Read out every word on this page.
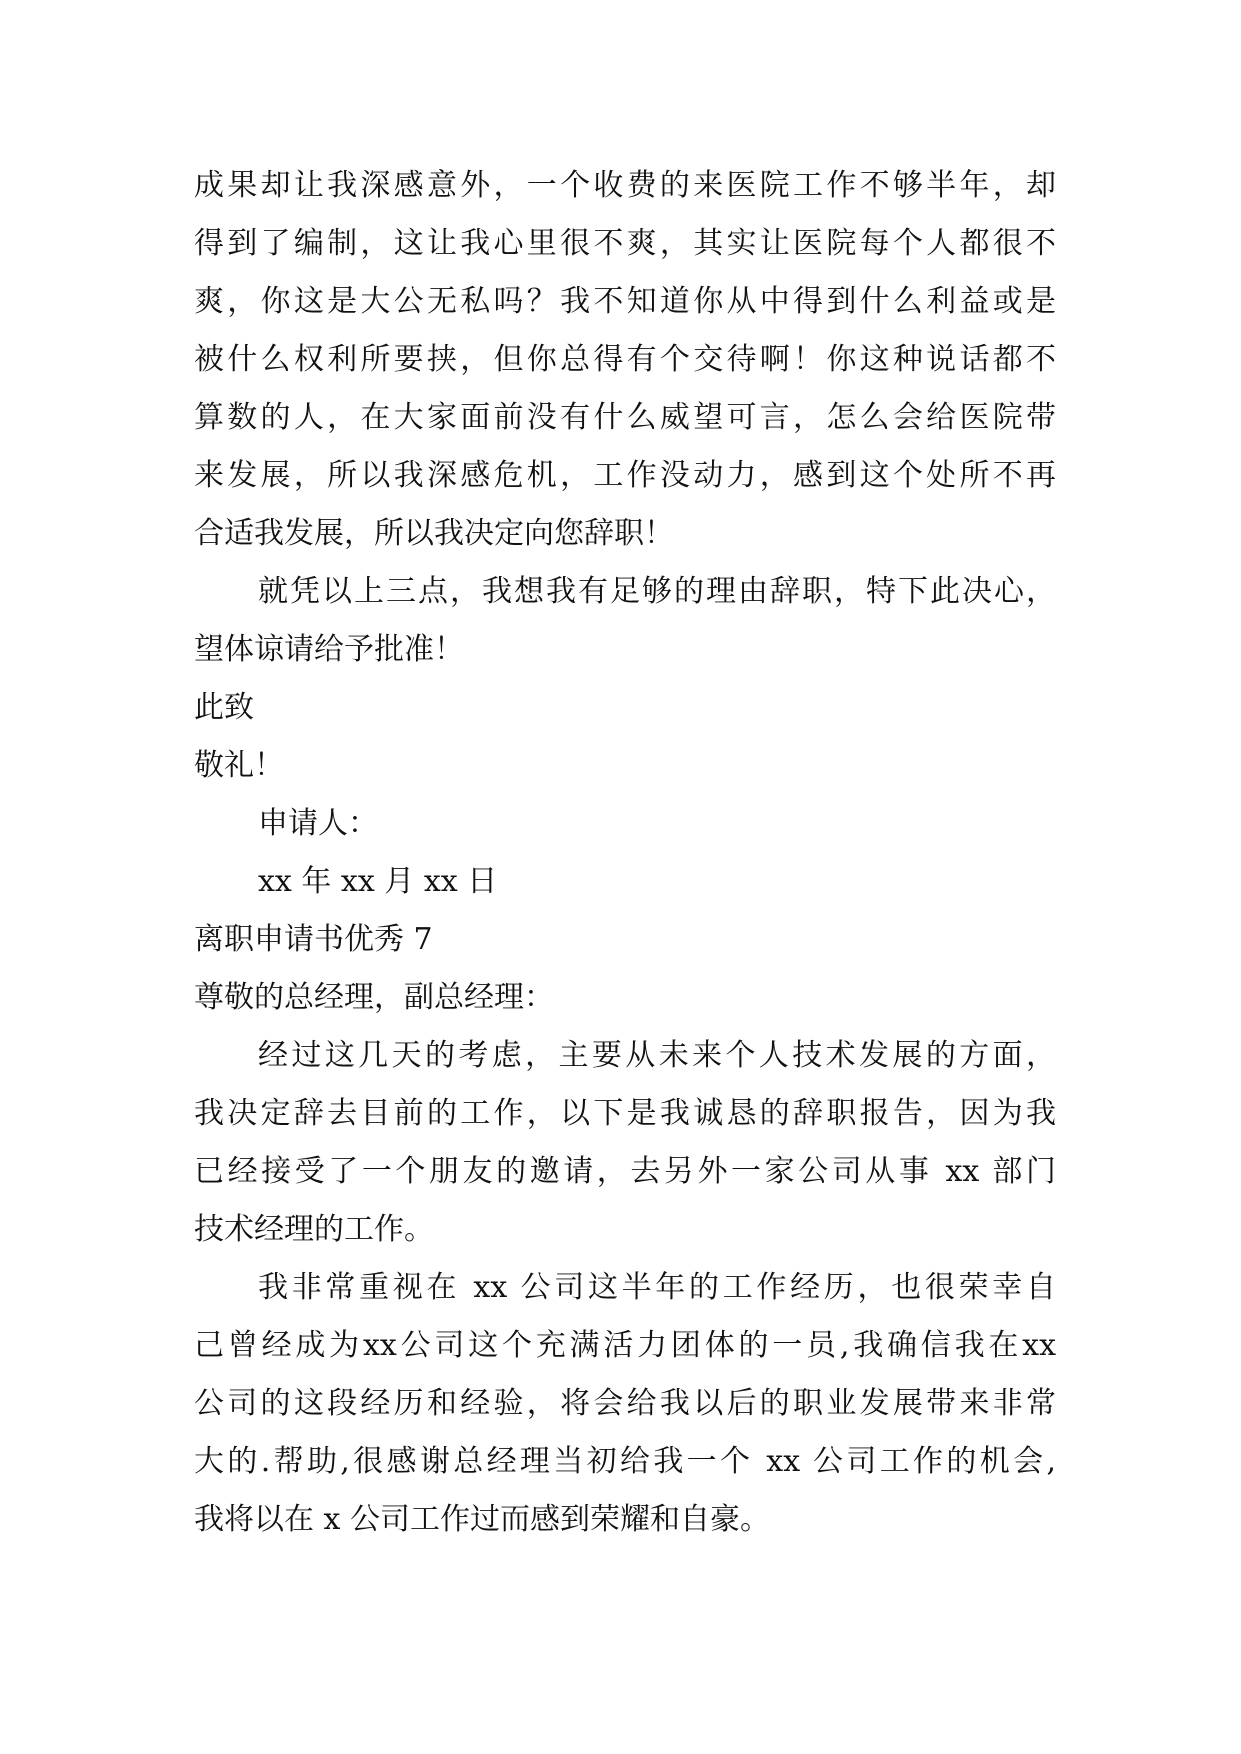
成果却让我深感意外，一个收费的来医院工作不够半年，却
得到了编制，这让我心里很不爽，其实让医院每个人都很不
爽，你这是大公无私吗？我不知道你从中得到什么利益或是
被什么权利所要挟，但你总得有个交待啊！你这种说话都不
算数的人，在大家面前没有什么威望可言，怎么会给医院带
来发展，所以我深感危机，工作没动力，感到这个处所不再
合适我发展，所以我决定向您辞职！
就凭以上三点，我想我有足够的理由辞职，特下此决心，
望体谅请给予批准！
此致
敬礼！
申请人：
xx 年 xx 月 xx 日
离职申请书优秀 7
尊敬的总经理，副总经理：
经过这几天的考虑，主要从未来个人技术发展的方面，
我决定辞去目前的工作，以下是我诚恳的辞职报告，因为我
已经接受了一个朋友的邀请，去另外一家公司从事 xx 部门
技术经理的工作。
我非常重视在 xx 公司这半年的工作经历，也很荣幸自
己曾经成为xx公司这个充满活力团体的一员,我确信我在xx
公司的这段经历和经验，将会给我以后的职业发展带来非常
大的.帮助,很感谢总经理当初给我一个 xx 公司工作的机会,
我将以在 x 公司工作过而感到荣耀和自豪。
